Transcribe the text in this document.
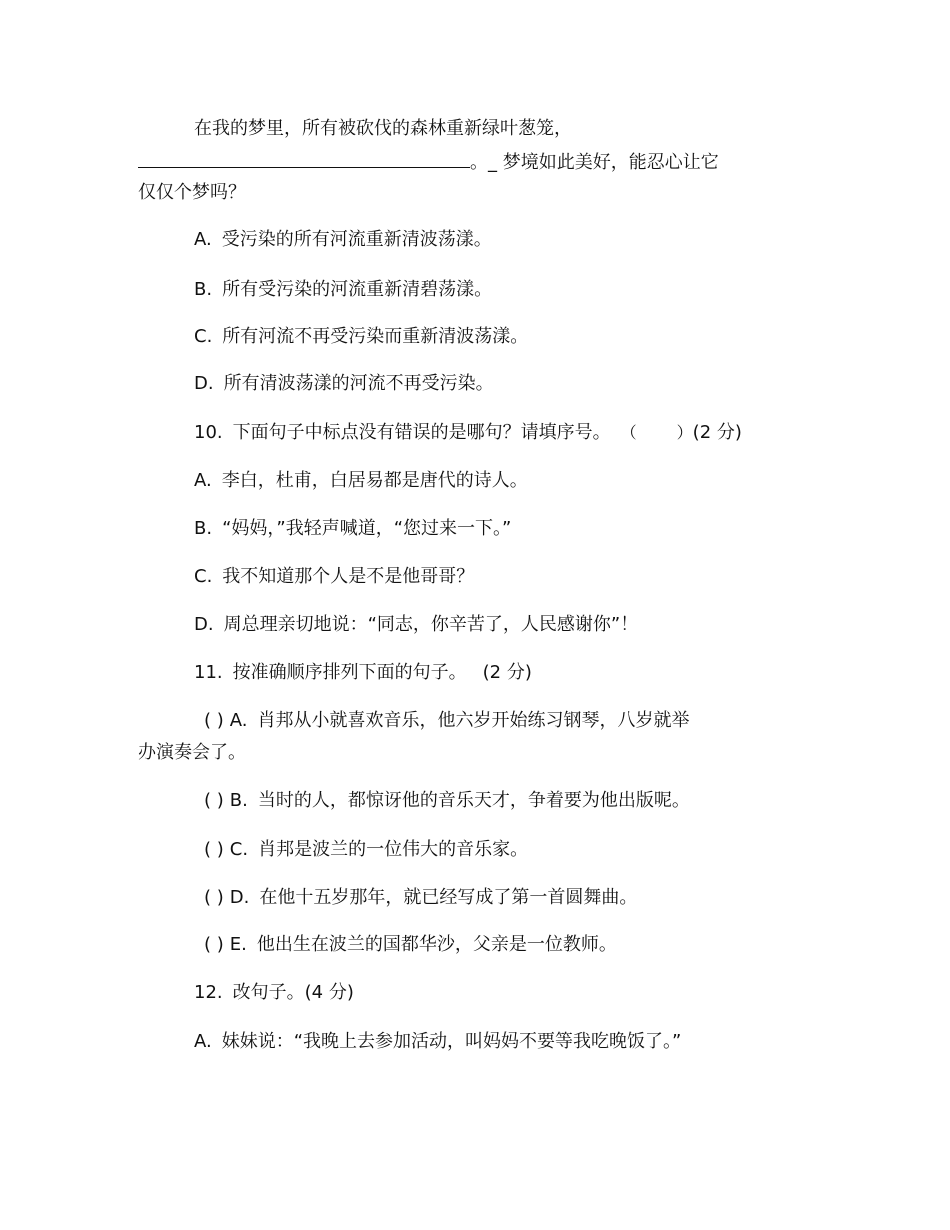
在我的梦里，所有被砍伐的森林重新绿叶葱笼，
。_ 梦境如此美好，能忍心让它
仅仅个梦吗？
A. 受污染的所有河流重新清波荡漾。
B. 所有受污染的河流重新清碧荡漾。
C. 所有河流不再受污染而重新清波荡漾。
D. 所有清波荡漾的河流不再受污染。
10. 下面句子中标点没有错误的是哪句？请填序号。 （	）(2 分)
A. 李白，杜甫，白居易都是唐代的诗人。
B. “妈妈，”我轻声喊道，“您过来一下。”
C. 我不知道那个人是不是他哥哥？
D. 周总理亲切地说：“同志，你辛苦了，人民感谢你”！
11. 按准确顺序排列下面的句子。 (2 分)
( ) A. 肖邦从小就喜欢音乐，他六岁开始练习钢琴，八岁就举
办演奏会了。
( ) B. 当时的人，都惊讶他的音乐天才，争着要为他出版呢。
( ) C. 肖邦是波兰的一位伟大的音乐家。
( ) D. 在他十五岁那年，就已经写成了第一首圆舞曲。
( ) E. 他出生在波兰的国都华沙，父亲是一位教师。
12. 改句子。(4 分)
A. 妹妹说：“我晚上去参加活动，叫妈妈不要等我吃晚饭了。”
